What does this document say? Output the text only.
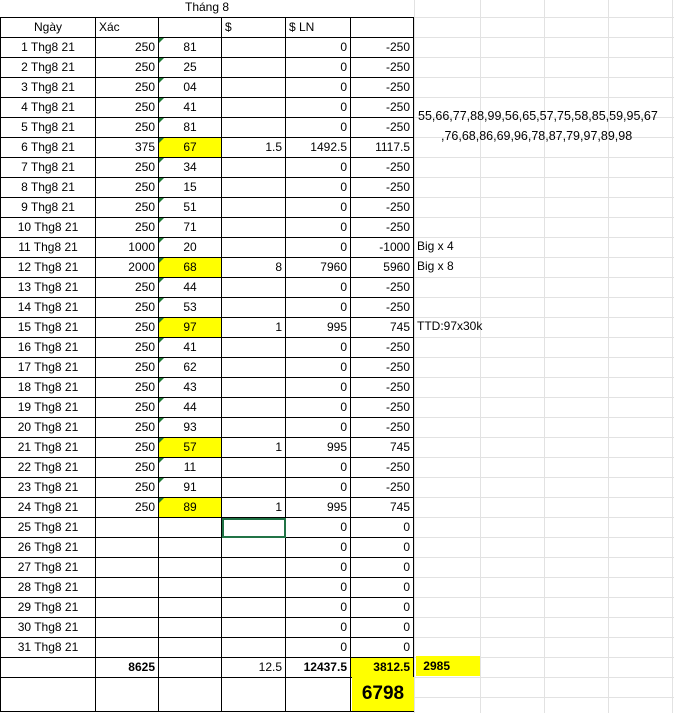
Tháng 8
Ngày	Xác		$	$ LN	
1 Thg8 21	250	81		0	-250
2 Thg8 21	250	25		0	-250
3 Thg8 21	250	04		0	-250
4 Thg8 21	250	41		0	-250
5 Thg8 21	250	81		0	-250
6 Thg8 21	375	67	1.5	1492.5	1117.5
7 Thg8 21	250	34		0	-250
8 Thg8 21	250	15		0	-250
9 Thg8 21	250	51		0	-250
10 Thg8 21	250	71		0	-250
11 Thg8 21	1000	20		0	-1000
12 Thg8 21	2000	68	8	7960	5960
13 Thg8 21	250	44		0	-250
14 Thg8 21	250	53		0	-250
15 Thg8 21	250	97	1	995	745
16 Thg8 21	250	41		0	-250
17 Thg8 21	250	62		0	-250
18 Thg8 21	250	43		0	-250
19 Thg8 21	250	44		0	-250
20 Thg8 21	250	93		0	-250
21 Thg8 21	250	57	1	995	745
22 Thg8 21	250	11		0	-250
23 Thg8 21	250	91		0	-250
24 Thg8 21	250	89	1	995	745
25 Thg8 21				0	0
26 Thg8 21				0	0
27 Thg8 21				0	0
28 Thg8 21				0	0
29 Thg8 21				0	0
30 Thg8 21				0	0
31 Thg8 21				0	0
	8625		12.5	12437.5	3812.5

6798
2985
55,66,77,88,99,56,65,57,75,58,85,59,95,67
,76,68,86,69,96,78,87,79,97,89,98
Big x 4
Big x 8
TTD:97x30k
